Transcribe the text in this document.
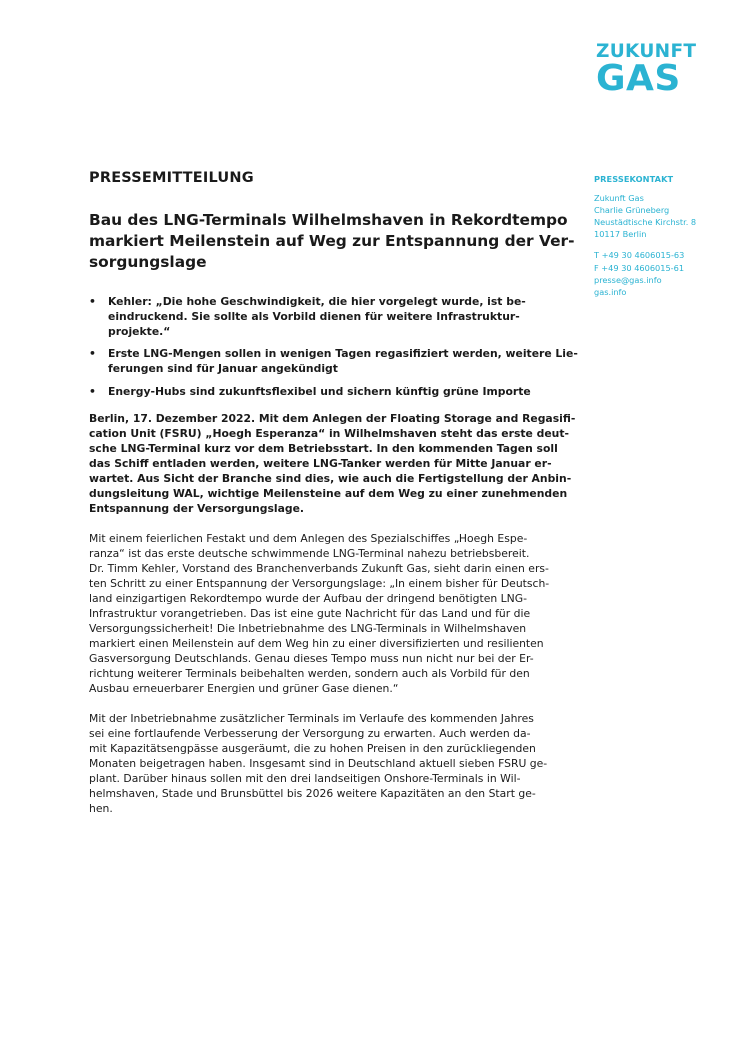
ZUKUNFT
GAS
PRESSEKONTAKT
Zukunft Gas
Charlie Grüneberg
Neustädtische Kirchstr. 8
10117 Berlin
T +49 30 4606015-63
F +49 30 4606015-61
presse@gas.info
gas.info
PRESSEMITTEILUNG
Bau des LNG-Terminals Wilhelmshaven in Rekordtempo
markiert Meilenstein auf Weg zur Entspannung der Ver-
sorgungslage
• Kehler: „Die hohe Geschwindigkeit, die hier vorgelegt wurde, ist be-
eindruckend. Sie sollte als Vorbild dienen für weitere Infrastruktur-
projekte.“
• Erste LNG-Mengen sollen in wenigen Tagen regasifiziert werden, weitere Lie-
ferungen sind für Januar angekündigt
• Energy-Hubs sind zukunftsflexibel und sichern künftig grüne Importe
Berlin, 17. Dezember 2022. Mit dem Anlegen der Floating Storage and Regasifi-
cation Unit (FSRU) „Hoegh Esperanza“ in Wilhelmshaven steht das erste deut-
sche LNG-Terminal kurz vor dem Betriebsstart. In den kommenden Tagen soll
das Schiff entladen werden, weitere LNG-Tanker werden für Mitte Januar er-
wartet. Aus Sicht der Branche sind dies, wie auch die Fertigstellung der Anbin-
dungsleitung WAL, wichtige Meilensteine auf dem Weg zu einer zunehmenden
Entspannung der Versorgungslage.
Mit einem feierlichen Festakt und dem Anlegen des Spezialschiffes „Hoegh Espe-
ranza“ ist das erste deutsche schwimmende LNG-Terminal nahezu betriebsbereit.
Dr. Timm Kehler, Vorstand des Branchenverbands Zukunft Gas, sieht darin einen ers-
ten Schritt zu einer Entspannung der Versorgungslage: „In einem bisher für Deutsch-
land einzigartigen Rekordtempo wurde der Aufbau der dringend benötigten LNG-
Infrastruktur vorangetrieben. Das ist eine gute Nachricht für das Land und für die
Versorgungssicherheit! Die Inbetriebnahme des LNG-Terminals in Wilhelmshaven
markiert einen Meilenstein auf dem Weg hin zu einer diversifizierten und resilienten
Gasversorgung Deutschlands. Genau dieses Tempo muss nun nicht nur bei der Er-
richtung weiterer Terminals beibehalten werden, sondern auch als Vorbild für den
Ausbau erneuerbarer Energien und grüner Gase dienen.“
Mit der Inbetriebnahme zusätzlicher Terminals im Verlaufe des kommenden Jahres
sei eine fortlaufende Verbesserung der Versorgung zu erwarten. Auch werden da-
mit Kapazitätsengpässe ausgeräumt, die zu hohen Preisen in den zurückliegenden
Monaten beigetragen haben. Insgesamt sind in Deutschland aktuell sieben FSRU ge-
plant. Darüber hinaus sollen mit den drei landseitigen Onshore-Terminals in Wil-
helmshaven, Stade und Brunsbüttel bis 2026 weitere Kapazitäten an den Start ge-
hen.
